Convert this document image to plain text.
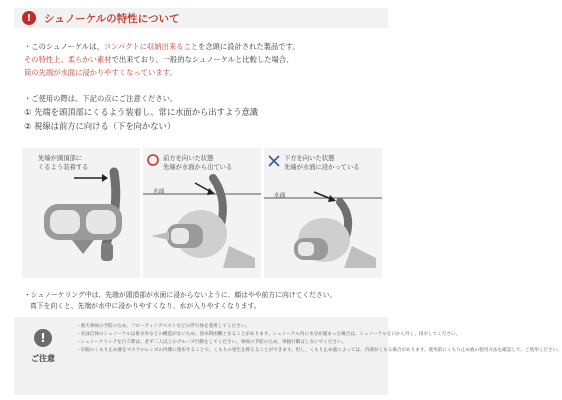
!	シュノーケルの特性について
・このシュノーケルは、コンパクトに収納出来ることを念頭に設計された製品です。
その特性上、柔らかい素材で出来ており、一般的なシュノーケルと比較した場合、
筒の先端が水面に浸かりやすくなっています。
・ご使用の際は、下記の点にご注意ください。
① 先端を頭頂部にくるよう装着し、常に水面から出すよう意識
② 視線は前方に向ける（下を向かない）
先端が頭頂部に
くるよう装着する
前方を向いた状態
先端が水面から出ている
水面
下方を向いた状態
先端が水面に浸かっている
水面
・シュノーケリング中は、先端が頭頂部が水面に浸からないように、顔はやや前方に向けてください。
真下を向くと、先端が水中に浸かりやすくなり、水が入りやすくなります。
!
ご注意
・重大事故の予防のため、フローティングベストなどの浮力体を着用してください。
・水泳自体のシュノーケルは排水弁などの構造がないため、滑水時困難となることがあります。シュノーケル内に水分が溜まった場合は、シュノーケルを口から外し、排水してください。
・シュノーケリングを行う際は、必ず二人以上のグループ行動をしてください。事故の予防のため、単独行動はしないでください。
・市販のくもり止め液をマスクのレンズの内側に塗布することで、くもりの発生を抑えることができます。但し、くもり止め液によっては、内部がくもる場合があります。使用前にくもり止め液の使用方法を確認して、ご使用ください。
